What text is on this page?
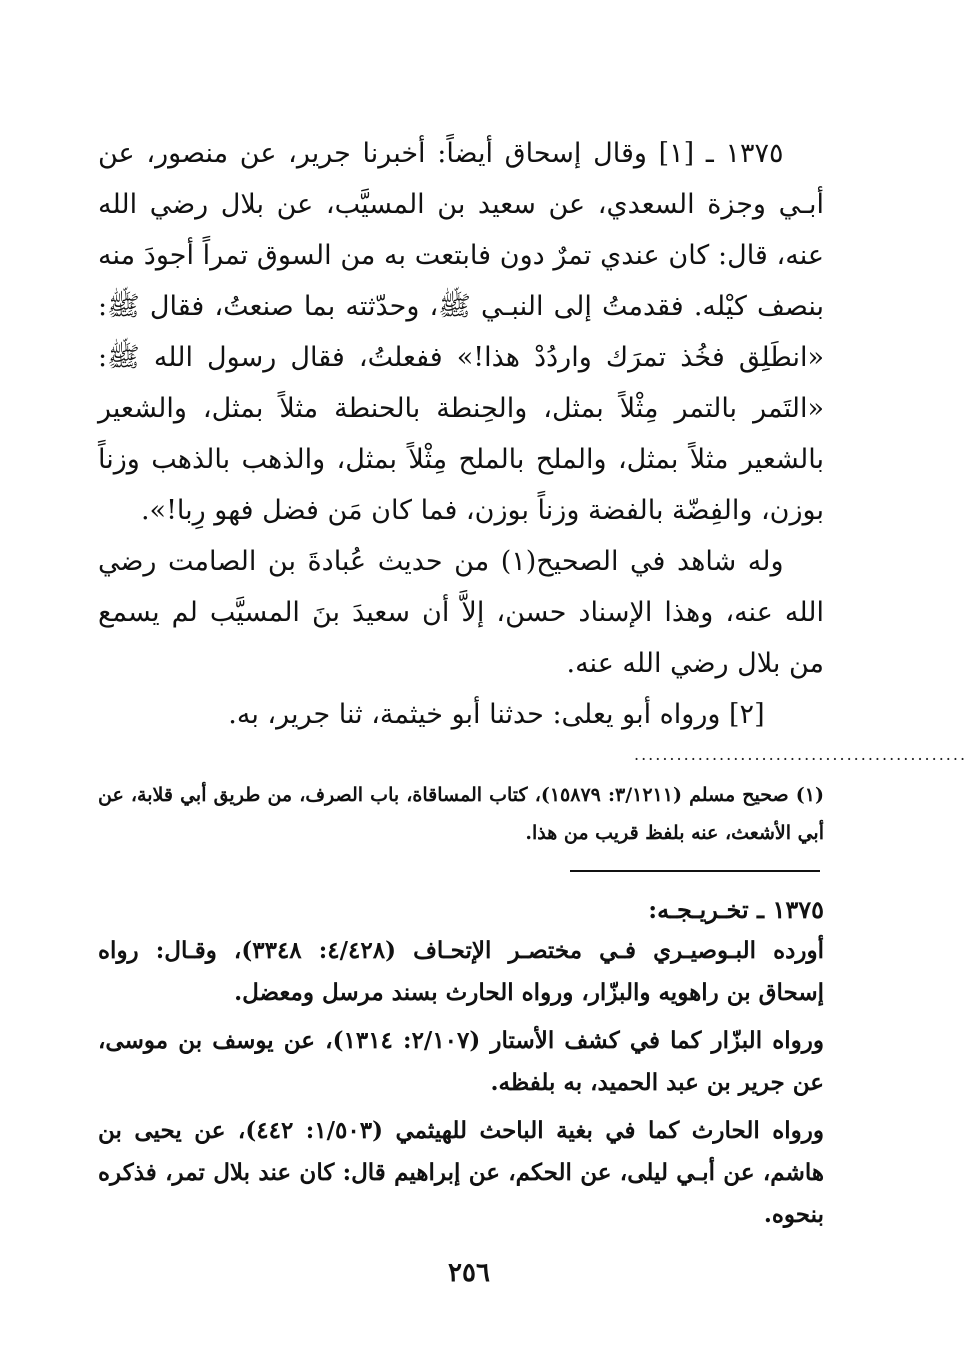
١٣٧٥ ـ [١] وقال إسحاق أيضاً: أخبرنا جرير، عن منصور، عن أبـي وجزة السعدي، عن سعيد بن المسيَّب، عن بلال رضي الله عنه، قال: كان عندي تمرٌ دون فابتعت به من السوق تمراً أجودَ منه بنصف كيْله. فقدمتُ إلى النبـي ﷺ، وحدّثته بما صنعتُ، فقال ﷺ: «انطَلِق فخُذ تمرَك واردُدْ هذا!» ففعلتُ، فقال رسول الله ﷺ: «التَمر بالتمر مِثْلاً بمثل، والحِنطة بالحنطة مثلاً بمثل، والشعير بالشعير مثلاً بمثل، والملح بالملح مِثْلاً بمثل، والذهب بالذهب وزناً بوزن، والفِضّة بالفضة وزناً بوزن، فما كان مَن فضل فهو رِبا!».

وله شاهد في الصحيح(١) من حديث عُبادةَ بن الصامت رضي الله عنه، وهذا الإسناد حسن، إلاَّ أن سعيدَ بنَ المسيَّب لم يسمع من بلال رضي الله عنه.

[٢] ورواه أبو يعلى: حدثنا أبو خيثمة، ثنا جرير، به.

...............................................

(١) صحيح مسلم (٣/١٢١١: ١٥٨٧٩)، كتاب المساقاة، باب الصرف، من طريق أبي قلابة، عن أبي الأشعث، عنه بلفظ قريب من هذا.

١٣٧٥ ـ تخـريـجـه:

أورده البـوصيـري فـي مختصـر الإتحـاف (٤/٤٢٨: ٣٣٤٨)، وقـال: رواه إسحاق بن راهويه والبزّار، ورواه الحارث بسند مرسل ومعضل.

ورواه البزّار كما في كشف الأستار (٢/١٠٧: ١٣١٤)، عن يوسف بن موسى، عن جرير بن عبد الحميد، به بلفظه.

ورواه الحارث كما في بغية الباحث للهيثمي (١/٥٠٣: ٤٤٢)، عن يحيى بن هاشم، عن أبـي ليلى، عن الحكم، عن إبراهيم قال: كان عند بلال تمر، فذكره بنحوه.

٢٥٦
